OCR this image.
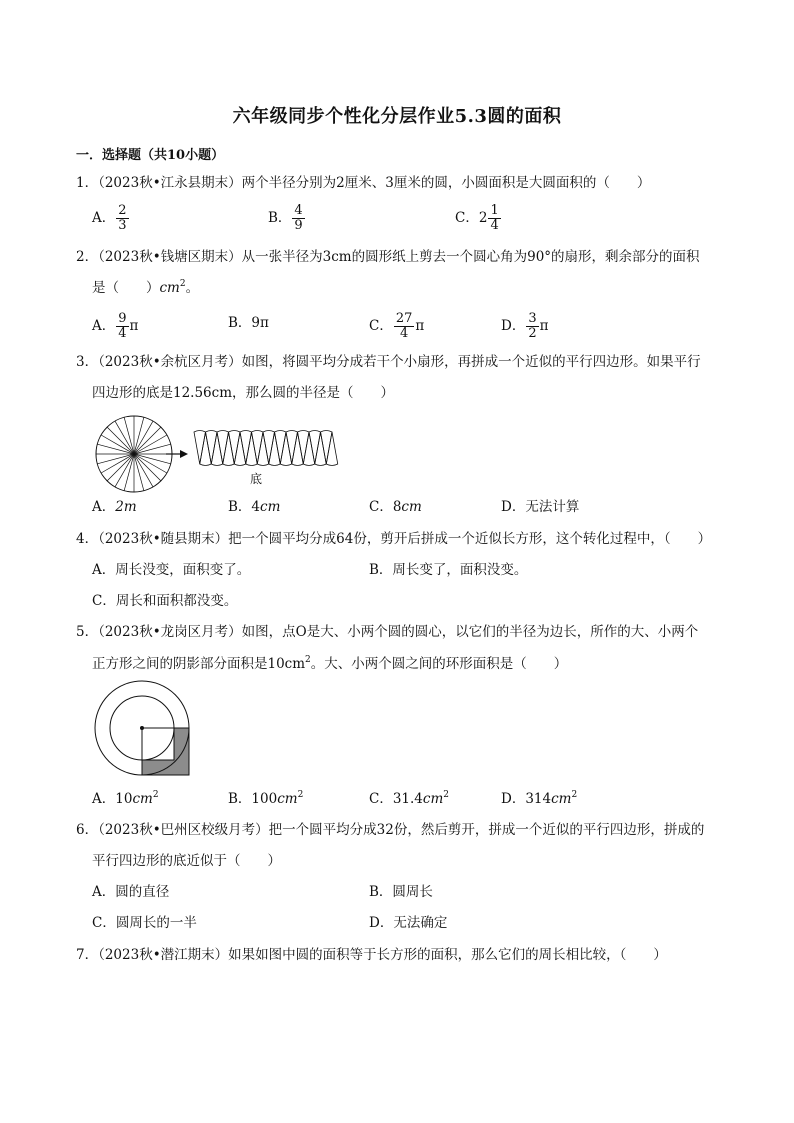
六年级同步个性化分层作业5.3圆的面积
一．选择题（共10小题）
1．（2023秋•江永县期末）两个半径分别为2厘米、3厘米的圆，小圆面积是大圆面积的（　　）
A． $\frac{2}{3}$	B． $\frac{4}{9}$	C．$2 \frac{1}{4}$
2．（2023秋•钱塘区期末）从一张半径为3cm的圆形纸上剪去一个圆心角为90°的扇形，剩余部分的面积
是（　　）$cm^2$。
A． $\frac{9}{4}$ π	B．9π	C． $\frac{27}{4}$ π	D． $\frac{3}{2}$ π
3．（2023秋•余杭区月考）如图，将圆平均分成若干个小扇形，再拼成一个近似的平行四边形。如果平行
四边形的底是12.56cm，那么圆的半径是（　　）
底
A．2m	B．4cm	C．8cm	D．无法计算
4．（2023秋•随县期末）把一个圆平均分成64份，剪开后拼成一个近似长方形，这个转化过程中，（　　）
A．周长没变，面积变了。	B．周长变了，面积没变。
C．周长和面积都没变。
5．（2023秋•龙岗区月考）如图，点O是大、小两个圆的圆心，以它们的半径为边长，所作的大、小两个
正方形之间的阴影部分面积是$10cm^2$。大、小两个圆之间的环形面积是（　　）
A．$10cm^2$	B．$100cm^2$	C．$31.4cm^2$	D．$314cm^2$
6．（2023秋•巴州区校级月考）把一个圆平均分成32份，然后剪开，拼成一个近似的平行四边形，拼成的
平行四边形的底近似于（　　）
A．圆的直径	B．圆周长
C．圆周长的一半	D．无法确定
7．（2023秋•潜江期末）如果如图中圆的面积等于长方形的面积，那么它们的周长相比较，（　　）
